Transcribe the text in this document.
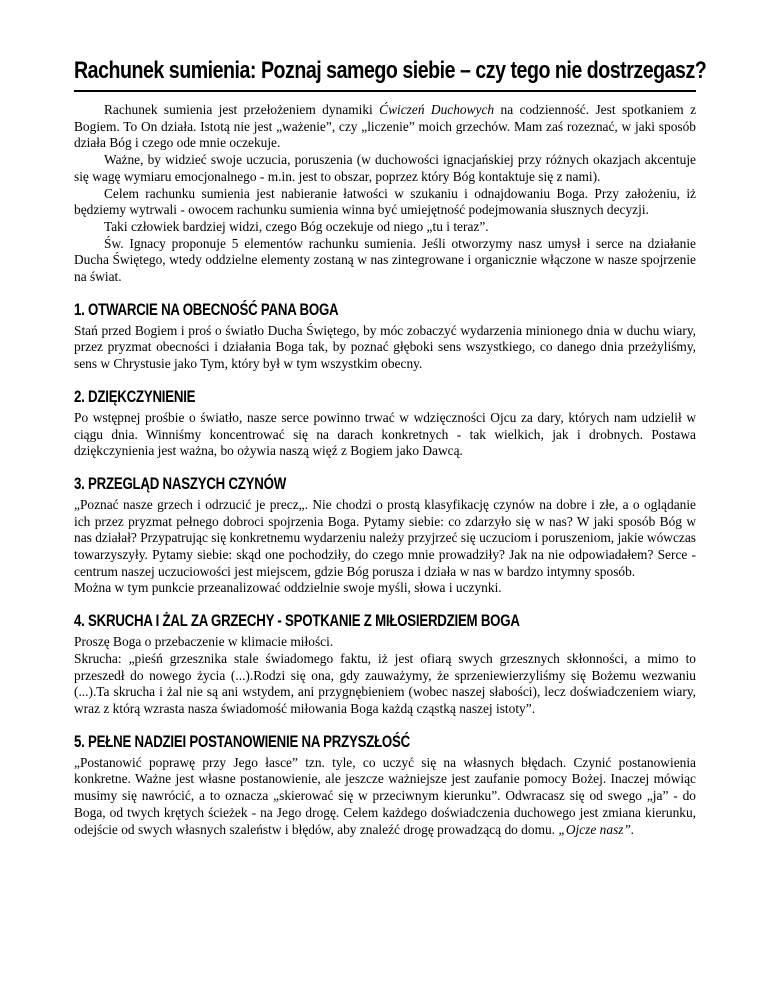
Rachunek sumienia: Poznaj samego siebie – czy tego nie dostrzegasz?

Rachunek sumienia jest przełożeniem dynamiki Ćwiczeń Duchowych na codzienność. Jest spotkaniem z Bogiem. To On działa. Istotą nie jest „ważenie”, czy „liczenie” moich grzechów. Mam zaś rozeznać, w jaki sposób działa Bóg i czego ode mnie oczekuje.

Ważne, by widzieć swoje uczucia, poruszenia (w duchowości ignacjańskiej przy różnych okazjach akcentuje się wagę wymiaru emocjonalnego - m.in. jest to obszar, poprzez który Bóg kontaktuje się z nami).

Celem rachunku sumienia jest nabieranie łatwości w szukaniu i odnajdowaniu Boga. Przy założeniu, iż będziemy wytrwali - owocem rachunku sumienia winna być umiejętność podejmowania słusznych decyzji.

Taki człowiek bardziej widzi, czego Bóg oczekuje od niego „tu i teraz”.

Św. Ignacy proponuje 5 elementów rachunku sumienia. Jeśli otworzymy nasz umysł i serce na działanie Ducha Świętego, wtedy oddzielne elementy zostaną w nas zintegrowane i organicznie włączone w nasze spojrzenie na świat.

1. OTWARCIE NA OBECNOŚĆ PANA BOGA

Stań przed Bogiem i proś o światło Ducha Świętego, by móc zobaczyć wydarzenia minionego dnia w duchu wiary, przez pryzmat obecności i działania Boga tak, by poznać głęboki sens wszystkiego, co danego dnia przeżyliśmy, sens w Chrystusie jako Tym, który był w tym wszystkim obecny.

2. DZIĘKCZYNIENIE

Po wstępnej prośbie o światło, nasze serce powinno trwać w wdzięczności Ojcu za dary, których nam udzielił w ciągu dnia. Winniśmy koncentrować się na darach konkretnych - tak wielkich, jak i drobnych. Postawa dziękczynienia jest ważna, bo ożywia naszą więź z Bogiem jako Dawcą.

3. PRZEGLĄD NASZYCH CZYNÓW

„Poznać nasze grzech i odrzucić je precz„. Nie chodzi o prostą klasyfikację czynów na dobre i złe, a o oglądanie ich przez pryzmat pełnego dobroci spojrzenia Boga. Pytamy siebie: co zdarzyło się w nas? W jaki sposób Bóg w nas działał? Przypatrując się konkretnemu wydarzeniu należy przyjrzeć się uczuciom i poruszeniom, jakie wówczas towarzyszyły. Pytamy siebie: skąd one pochodziły, do czego mnie prowadziły? Jak na nie odpowiadałem? Serce - centrum naszej uczuciowości jest miejscem, gdzie Bóg porusza i działa w nas w bardzo intymny sposób.

Można w tym punkcie przeanalizować oddzielnie swoje myśli, słowa i uczynki.

4. SKRUCHA I ŻAL ZA GRZECHY - SPOTKANIE Z MIŁOSIERDZIEM BOGA

Proszę Boga o przebaczenie w klimacie miłości.

Skrucha: „pieśń grzesznika stale świadomego faktu, iż jest ofiarą swych grzesznych skłonności, a mimo to przeszedł do nowego życia (...).Rodzi się ona, gdy zauważymy, że sprzeniewierzyliśmy się Bożemu wezwaniu (...).Ta skrucha i żal nie są ani wstydem, ani przygnębieniem (wobec naszej słabości), lecz doświadczeniem wiary, wraz z którą wzrasta nasza świadomość miłowania Boga każdą cząstką naszej istoty”.

5. PEŁNE NADZIEI POSTANOWIENIE NA PRZYSZŁOŚĆ

„Postanowić poprawę przy Jego łasce” tzn. tyle, co uczyć się na własnych błędach. Czynić postanowienia konkretne. Ważne jest własne postanowienie, ale jeszcze ważniejsze jest zaufanie pomocy Bożej. Inaczej mówiąc musimy się nawrócić, a to oznacza „skierować się w przeciwnym kierunku”. Odwracasz się od swego „ja” - do Boga, od twych krętych ścieżek - na Jego drogę. Celem każdego doświadczenia duchowego jest zmiana kierunku, odejście od swych własnych szaleństw i błędów, aby znaleźć drogę prowadzącą do domu. „Ojcze nasz”.
